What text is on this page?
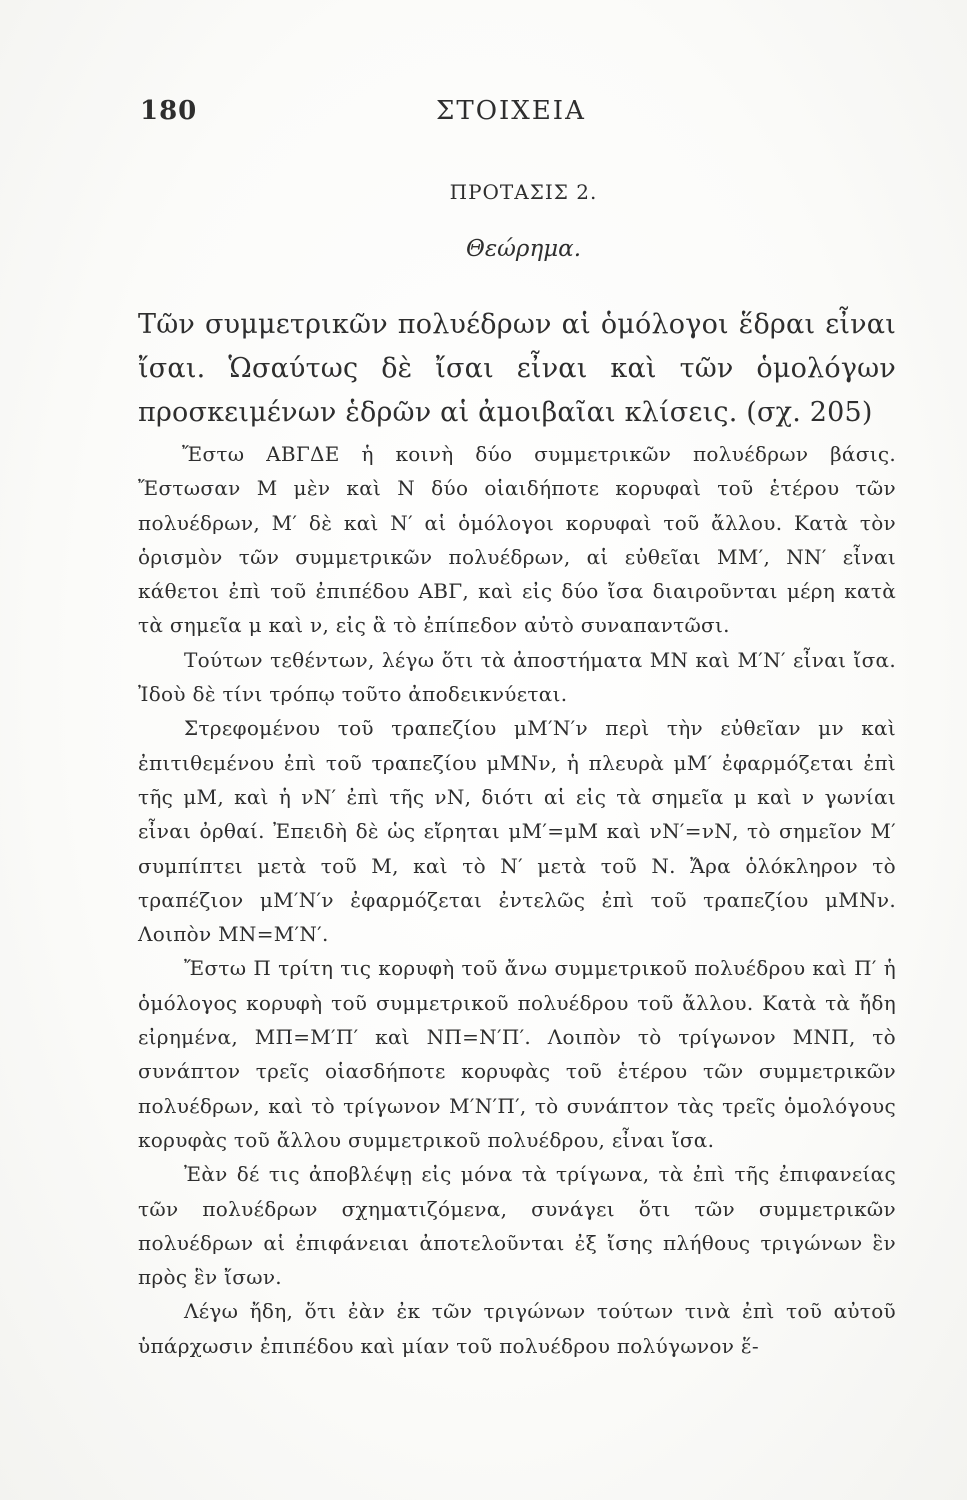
180	ΣΤΟΙΧΕΙΑ
ΠΡΟΤΑΣΙΣ 2.
Θεώρημα.

Τῶν συμμετρικῶν πολυέδρων αἱ ὁμόλογοι ἕδραι εἶναι ἴσαι. Ὡσαύτως δὲ ἴσαι εἶναι καὶ τῶν ὁμολόγων προσκειμένων ἑδρῶν αἱ ἀμοιβαῖαι κλίσεις. (σχ. 205)

Ἔστω ΑΒΓΔΕ ἡ κοινὴ δύο συμμετρικῶν πολυέδρων βάσις. Ἔστωσαν Μ μὲν καὶ Ν δύο οἱαιδήποτε κορυφαὶ τοῦ ἑτέρου τῶν πολυέδρων, Μ′ δὲ καὶ Ν′ αἱ ὁμόλογοι κορυφαὶ τοῦ ἄλλου. Κατὰ τὸν ὁρισμὸν τῶν συμμετρικῶν πολυέδρων, αἱ εὐθεῖαι ΜΜ′, ΝΝ′ εἶναι κάθετοι ἐπὶ τοῦ ἐπιπέδου ΑΒΓ, καὶ εἰς δύο ἴσα διαιροῦνται μέρη κατὰ τὰ σημεῖα μ καὶ ν, εἰς ἃ τὸ ἐπίπεδον αὐτὸ συναπαντῶσι.

Τούτων τεθέντων, λέγω ὅτι τὰ ἀποστήματα ΜΝ καὶ Μ′Ν′ εἶναι ἴσα. Ἰδοὺ δὲ τίνι τρόπῳ τοῦτο ἀποδεικνύεται.

Στρεφομένου τοῦ τραπεζίου μΜ′Ν′ν περὶ τὴν εὐθεῖαν μν καὶ ἐπιτιθεμένου ἐπὶ τοῦ τραπεζίου μΜΝν, ἡ πλευρὰ μΜ′ ἐφαρμόζεται ἐπὶ τῆς μΜ, καὶ ἡ νΝ′ ἐπὶ τῆς νΝ, διότι αἱ εἰς τὰ σημεῖα μ καὶ ν γωνίαι εἶναι ὀρθαί. Ἐπειδὴ δὲ ὡς εἴρηται μΜ′=μΜ καὶ νΝ′=νΝ, τὸ σημεῖον Μ′ συμπίπτει μετὰ τοῦ Μ, καὶ τὸ Ν′ μετὰ τοῦ Ν. Ἄρα ὁλόκληρον τὸ τραπέζιον μΜ′Ν′ν ἐφαρμόζεται ἐντελῶς ἐπὶ τοῦ τραπεζίου μΜΝν. Λοιπὸν ΜΝ=Μ′Ν′.

Ἔστω Π τρίτη τις κορυφὴ τοῦ ἄνω συμμετρικοῦ πολυέδρου καὶ Π′ ἡ ὁμόλογος κορυφὴ τοῦ συμμετρικοῦ πολυέδρου τοῦ ἄλλου. Κατὰ τὰ ἤδη εἰρημένα, ΜΠ=Μ′Π′ καὶ ΝΠ=Ν′Π′. Λοιπὸν τὸ τρίγωνον ΜΝΠ, τὸ συνάπτον τρεῖς οἱασδήποτε κορυφὰς τοῦ ἑτέρου τῶν συμμετρικῶν πολυέδρων, καὶ τὸ τρίγωνον Μ′Ν′Π′, τὸ συνάπτον τὰς τρεῖς ὁμολόγους κορυφὰς τοῦ ἄλλου συμμετρικοῦ πολυέδρου, εἶναι ἴσα.

Ἐὰν δέ τις ἀποβλέψῃ εἰς μόνα τὰ τρίγωνα, τὰ ἐπὶ τῆς ἐπιφανείας τῶν πολυέδρων σχηματιζόμενα, συνάγει ὅτι τῶν συμμετρικῶν πολυέδρων αἱ ἐπιφάνειαι ἀποτελοῦνται ἐξ ἴσης πλήθους τριγώνων ἓν πρὸς ἓν ἴσων.

Λέγω ἤδη, ὅτι ἐὰν ἐκ τῶν τριγώνων τούτων τινὰ ἐπὶ τοῦ αὐτοῦ ὑπάρχωσιν ἐπιπέδου καὶ μίαν τοῦ πολυέδρου πολύγωνον ἕ-
